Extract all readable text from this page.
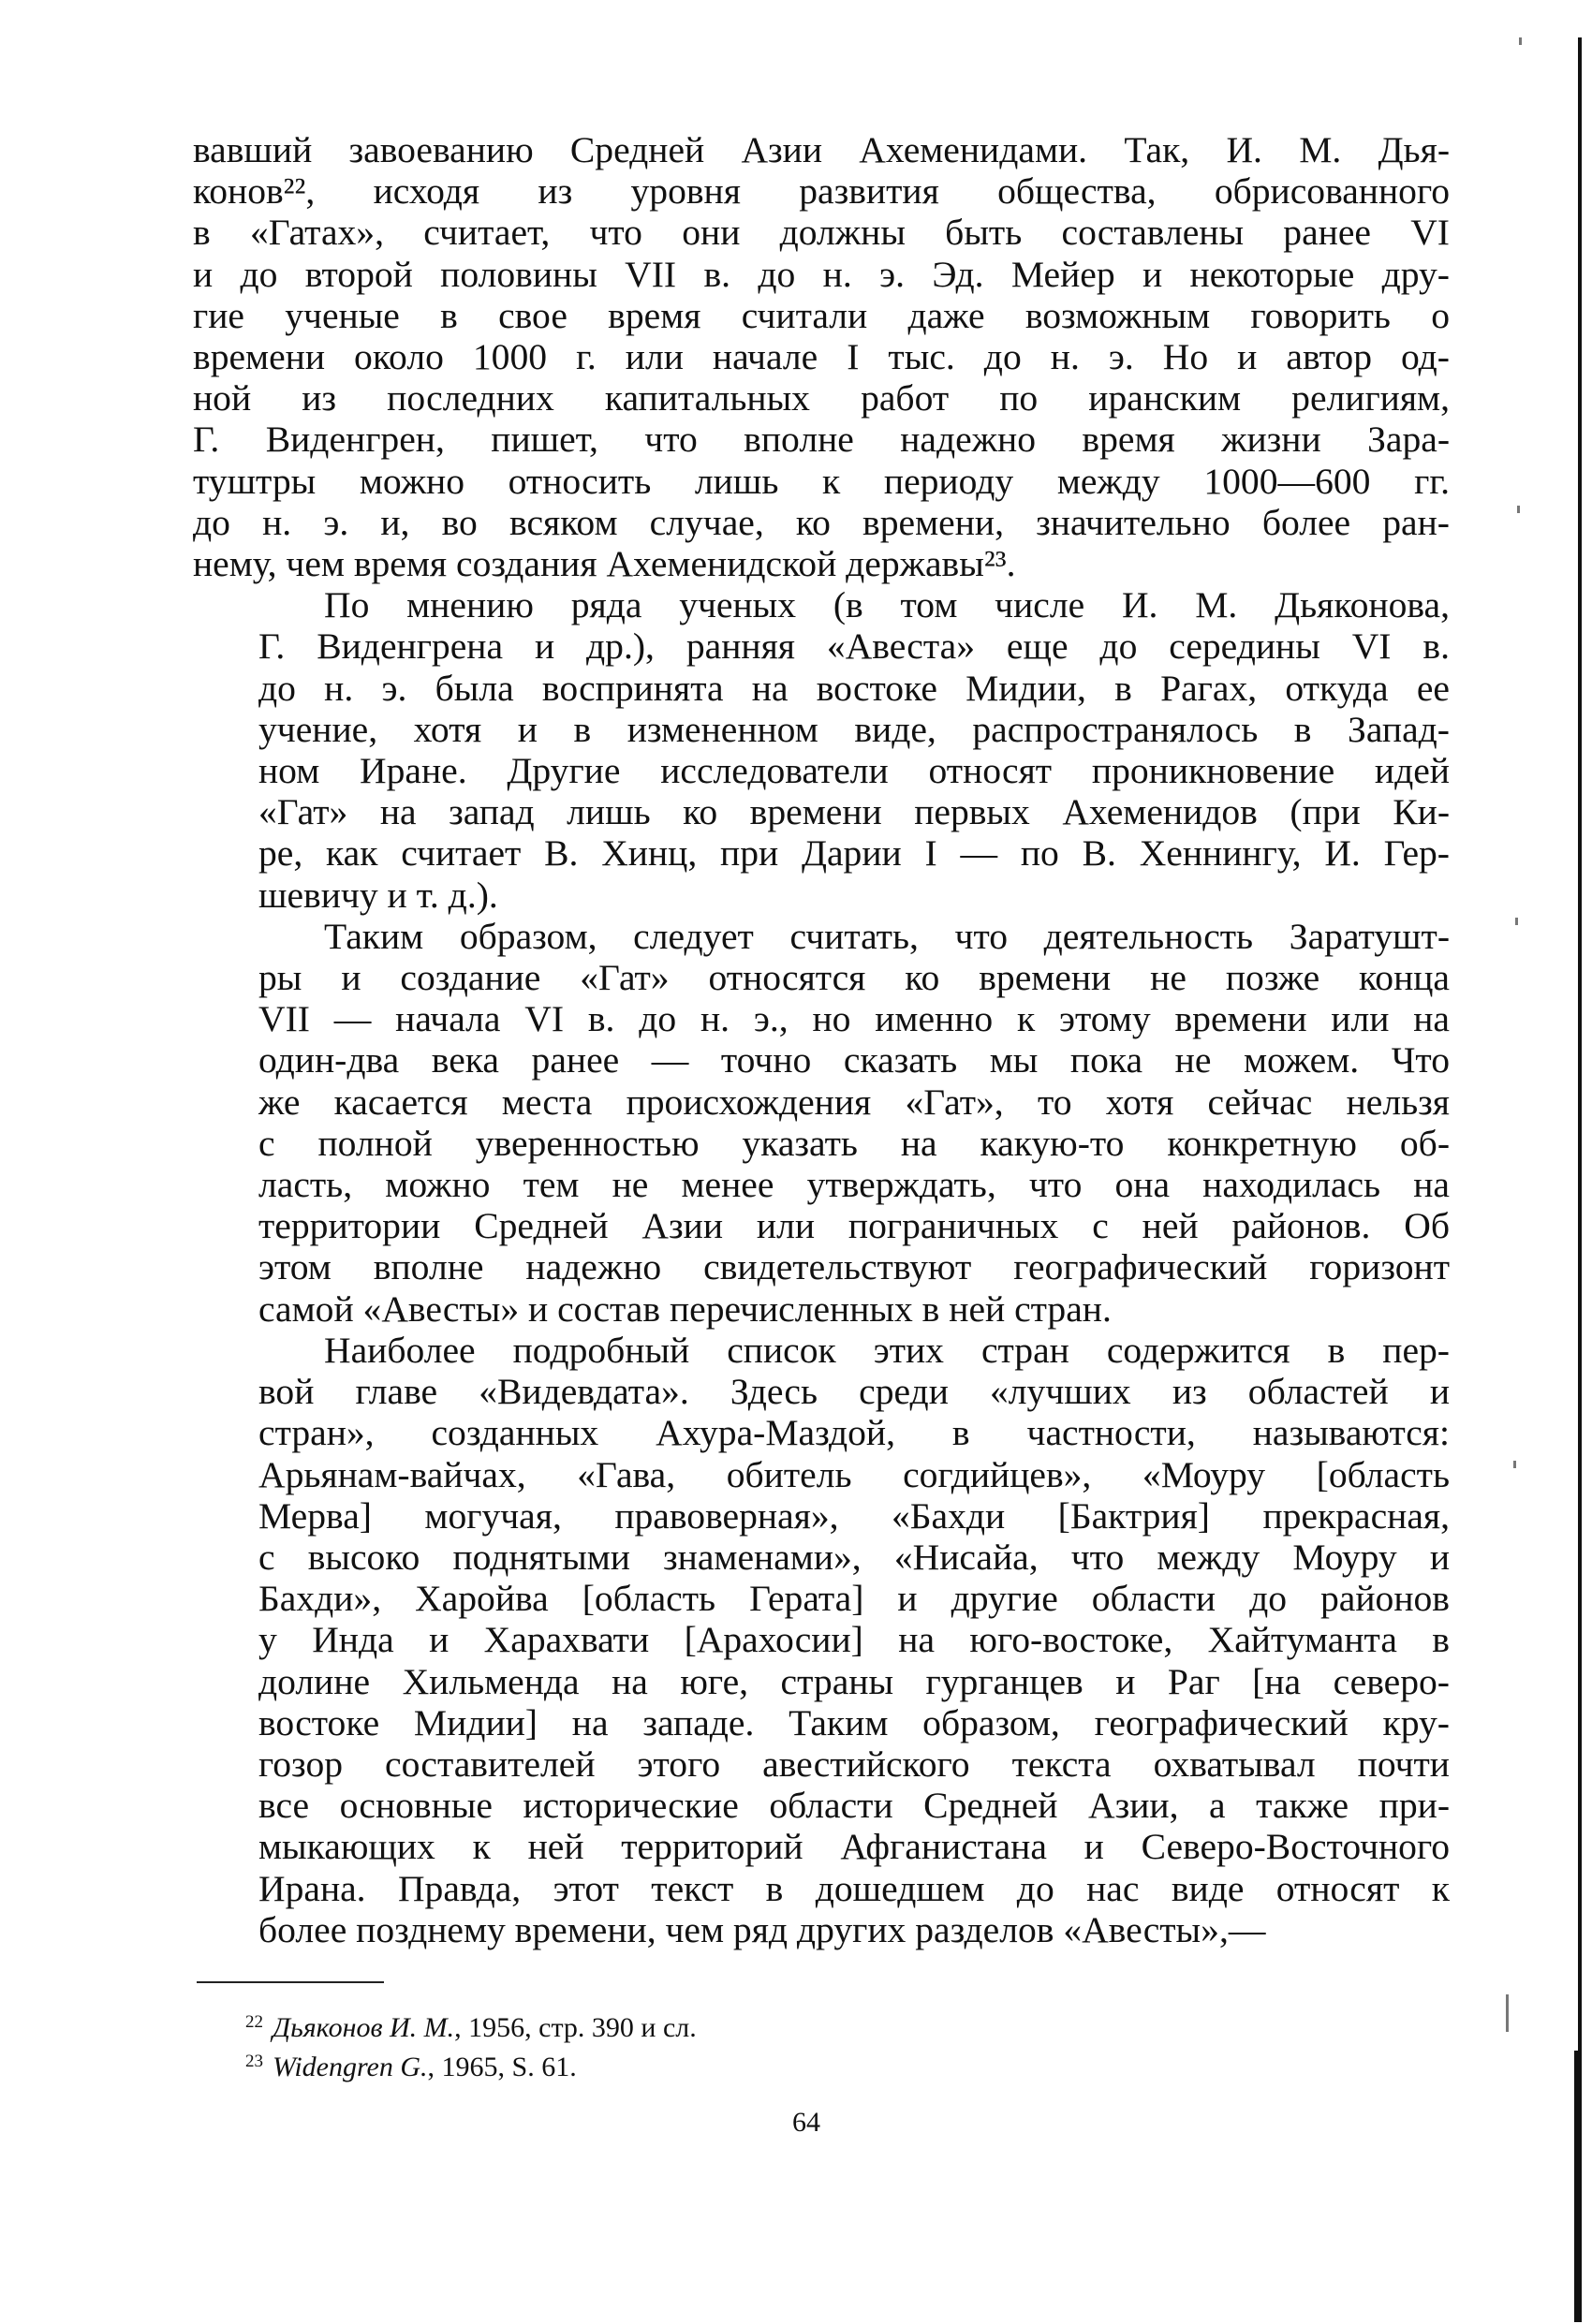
вавший завоеванию Средней Азии Ахеменидами. Так, И. М. Дья-
конов²², исходя из уровня развития общества, обрисованного
в «Гатах», считает, что они должны быть составлены ранее VI
и до второй половины VII в. до н. э. Эд. Мейер и некоторые дру-
гие ученые в свое время считали даже возможным говорить о
времени около 1000 г. или начале I тыс. до н. э. Но и автор од-
ной из последних капитальных работ по иранским религиям,
Г. Виденгрен, пишет, что вполне надежно время жизни Зара-
туштры можно относить лишь к периоду между 1000—600 гг.
до н. э. и, во всяком случае, ко времени, значительно более ран-
нему, чем время создания Ахеменидской державы²³.
По мнению ряда ученых (в том числе И. М. Дьяконова,
Г. Виденгрена и др.), ранняя «Авеста» еще до середины VI в.
до н. э. была воспринята на востоке Мидии, в Рагах, откуда ее
учение, хотя и в измененном виде, распространялось в Запад-
ном Иране. Другие исследователи относят проникновение идей
«Гат» на запад лишь ко времени первых Ахеменидов (при Ки-
ре, как считает В. Хинц, при Дарии I — по В. Хеннингу, И. Гер-
шевичу и т. д.).
Таким образом, следует считать, что деятельность Заратушт-
ры и создание «Гат» относятся ко времени не позже конца
VII — начала VI в. до н. э., но именно к этому времени или на
один-два века ранее — точно сказать мы пока не можем. Что
же касается места происхождения «Гат», то хотя сейчас нельзя
с полной уверенностью указать на какую-то конкретную об-
ласть, можно тем не менее утверждать, что она находилась на
территории Средней Азии или пограничных с ней районов. Об
этом вполне надежно свидетельствуют географический горизонт
самой «Авесты» и состав перечисленных в ней стран.
Наиболее подробный список этих стран содержится в пер-
вой главе «Видевдата». Здесь среди «лучших из областей и
стран», созданных Ахура-Маздой, в частности, называются:
Арьянам-вайчах, «Гава, обитель согдийцев», «Моуру [область
Мерва] могучая, правоверная», «Бахди [Бактрия] прекрасная,
с высоко поднятыми знаменами», «Нисайа, что между Моуру и
Бахди», Харойва [область Герата] и другие области до районов
у Инда и Харахвати [Арахосии] на юго-востоке, Хайтуманта в
долине Хильменда на юге, страны гурганцев и Раг [на северо-
востоке Мидии] на западе. Таким образом, географический кру-
гозор составителей этого авестийского текста охватывал почти
все основные исторические области Средней Азии, а также при-
мыкающих к ней территорий Афганистана и Северо-Восточного
Ирана. Правда, этот текст в дошедшем до нас виде относят к
более позднему времени, чем ряд других разделов «Авесты»,—
$^{22}$ Дьяконов И. М., 1956, стр. 390 и сл.
$^{23}$ Widengren G., 1965, S. 61.
64
